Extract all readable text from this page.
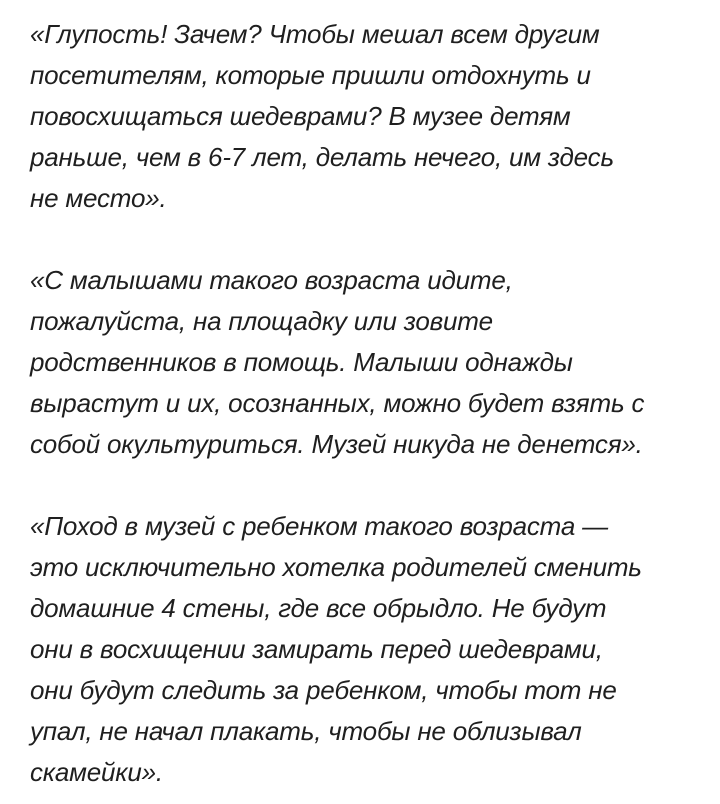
«Глупость! Зачем? Чтобы мешал всем другим
посетителям, которые пришли отдохнуть и
повосхищаться шедеврами? В музее детям
раньше, чем в 6-7 лет, делать нечего, им здесь
не место».

«С малышами такого возраста идите,
пожалуйста, на площадку или зовите
родственников в помощь. Малыши однажды
вырастут и их, осознанных, можно будет взять с
собой окультуриться. Музей никуда не денется».

«Поход в музей с ребенком такого возраста —
это исключительно хотелка родителей сменить
домашние 4 стены, где все обрыдло. Не будут
они в восхищении замирать перед шедеврами,
они будут следить за ребенком, чтобы тот не
упал, не начал плакать, чтобы не облизывал
скамейки».
